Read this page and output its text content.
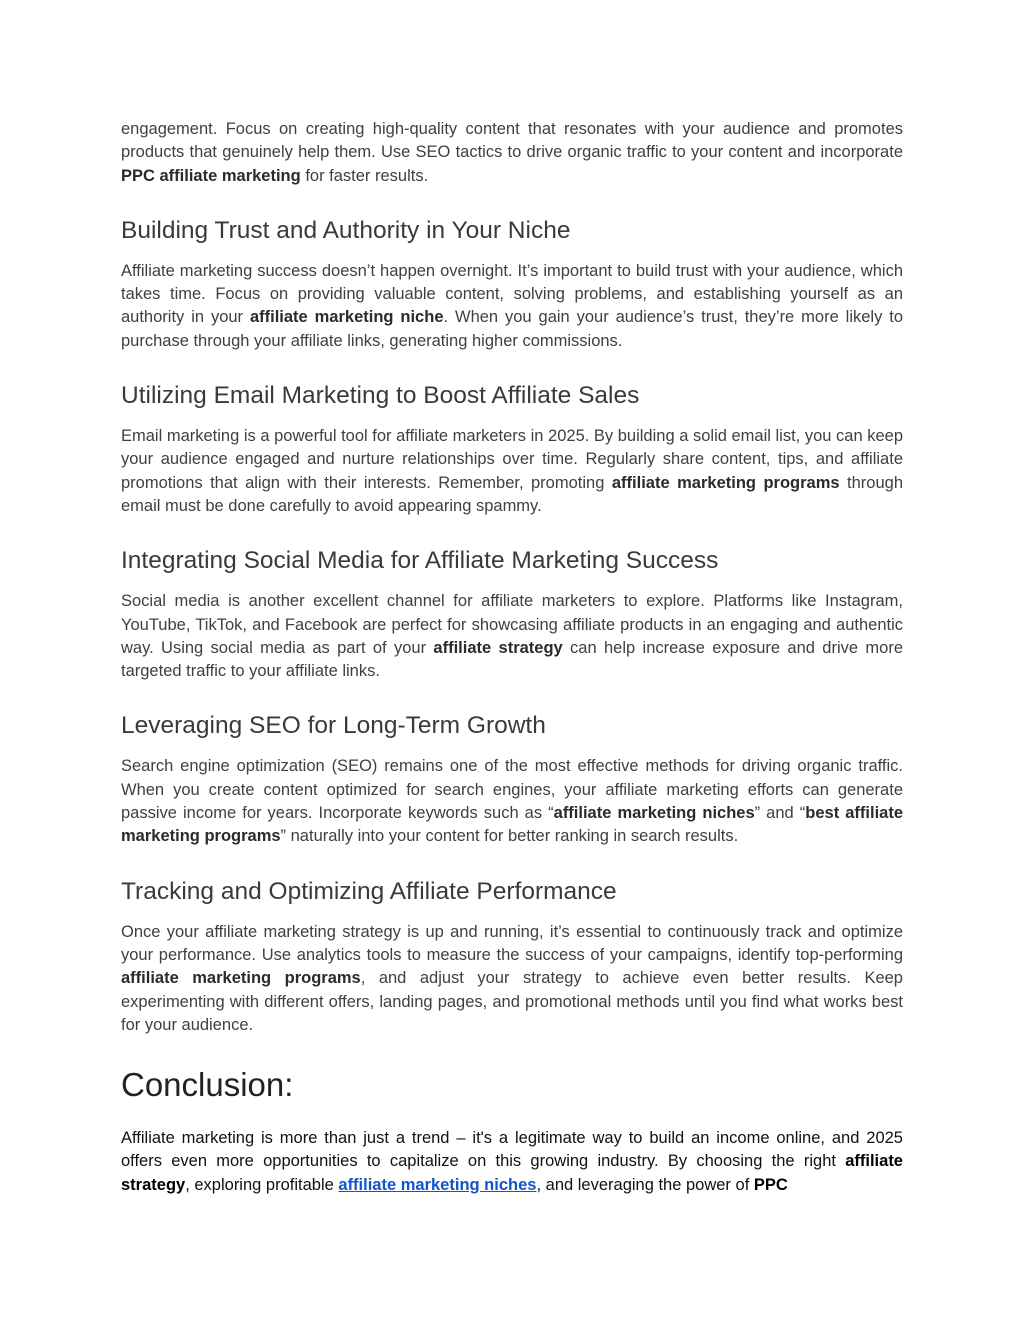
engagement. Focus on creating high-quality content that resonates with your audience and promotes products that genuinely help them. Use SEO tactics to drive organic traffic to your content and incorporate PPC affiliate marketing for faster results.

Building Trust and Authority in Your Niche

Affiliate marketing success doesn’t happen overnight. It’s important to build trust with your audience, which takes time. Focus on providing valuable content, solving problems, and establishing yourself as an authority in your affiliate marketing niche. When you gain your audience’s trust, they’re more likely to purchase through your affiliate links, generating higher commissions.

Utilizing Email Marketing to Boost Affiliate Sales

Email marketing is a powerful tool for affiliate marketers in 2025. By building a solid email list, you can keep your audience engaged and nurture relationships over time. Regularly share content, tips, and affiliate promotions that align with their interests. Remember, promoting affiliate marketing programs through email must be done carefully to avoid appearing spammy.

Integrating Social Media for Affiliate Marketing Success

Social media is another excellent channel for affiliate marketers to explore. Platforms like Instagram, YouTube, TikTok, and Facebook are perfect for showcasing affiliate products in an engaging and authentic way. Using social media as part of your affiliate strategy can help increase exposure and drive more targeted traffic to your affiliate links.

Leveraging SEO for Long-Term Growth

Search engine optimization (SEO) remains one of the most effective methods for driving organic traffic. When you create content optimized for search engines, your affiliate marketing efforts can generate passive income for years. Incorporate keywords such as “affiliate marketing niches” and “best affiliate marketing programs” naturally into your content for better ranking in search results.

Tracking and Optimizing Affiliate Performance

Once your affiliate marketing strategy is up and running, it’s essential to continuously track and optimize your performance. Use analytics tools to measure the success of your campaigns, identify top-performing affiliate marketing programs, and adjust your strategy to achieve even better results. Keep experimenting with different offers, landing pages, and promotional methods until you find what works best for your audience.

Conclusion:

Affiliate marketing is more than just a trend – it's a legitimate way to build an income online, and 2025 offers even more opportunities to capitalize on this growing industry. By choosing the right affiliate strategy, exploring profitable affiliate marketing niches, and leveraging the power of PPC
